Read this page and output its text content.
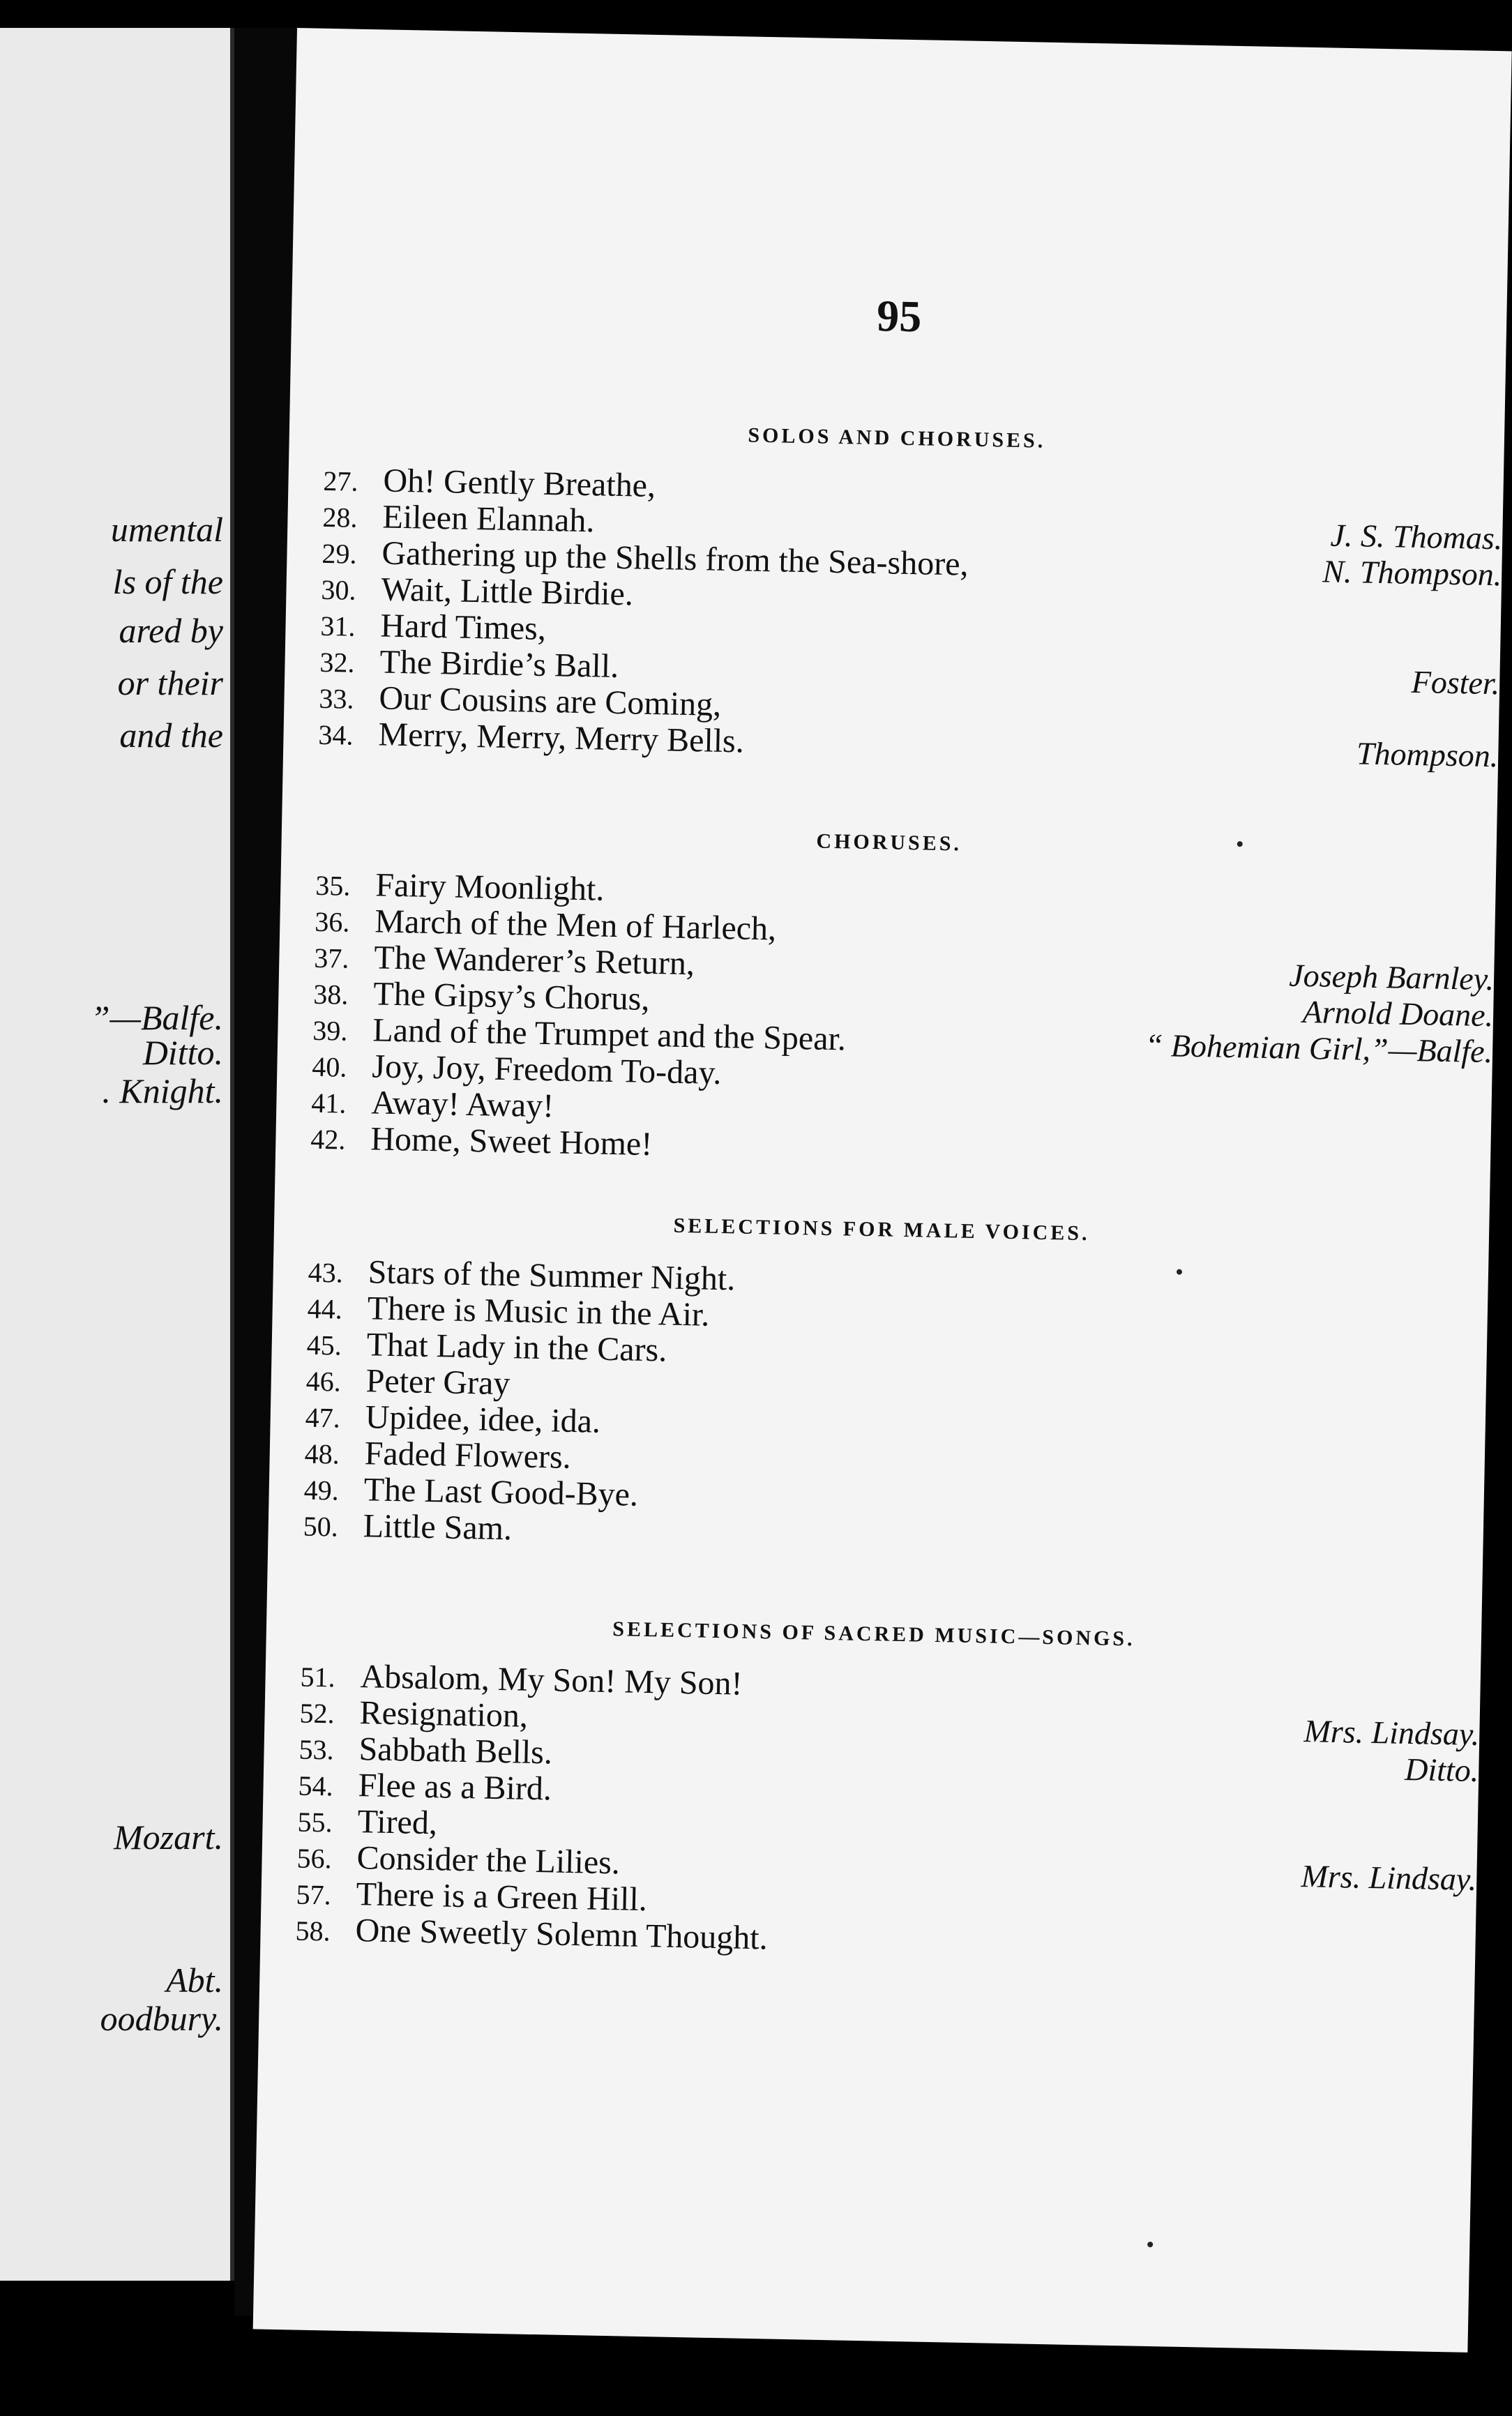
umental
ls of the
ared by
or their
and the
”—Balfe.
Ditto.
. Knight.
Mozart.
Abt.
oodbury.
95
SOLOS AND CHORUSES.
27. Oh! Gently Breathe,
28. Eileen Elannah.	J. S. Thomas.
29. Gathering up the Shells from the Sea-shore,	N. Thompson.
30. Wait, Little Birdie.
31. Hard Times,
32. The Birdie’s Ball.	Foster.
33. Our Cousins are Coming,
34. Merry, Merry, Merry Bells.	Thompson.
CHORUSES.
35. Fairy Moonlight.
36. March of the Men of Harlech,
37. The Wanderer’s Return,	Joseph Barnley.
38. The Gipsy’s Chorus,	Arnold Doane.
39. Land of the Trumpet and the Spear.	“ Bohemian Girl,”—Balfe.
40. Joy, Joy, Freedom To-day.
41. Away! Away!
42. Home, Sweet Home!
SELECTIONS FOR MALE VOICES.
43. Stars of the Summer Night.
44. There is Music in the Air.
45. That Lady in the Cars.
46. Peter Gray
47. Upidee, idee, ida.
48. Faded Flowers.
49. The Last Good-Bye.
50. Little Sam.
SELECTIONS OF SACRED MUSIC—SONGS.
51. Absalom, My Son! My Son!
52. Resignation,	Mrs. Lindsay.
53. Sabbath Bells.	Ditto.
54. Flee as a Bird.
55. Tired,
56. Consider the Lilies.	Mrs. Lindsay.
57. There is a Green Hill.
58. One Sweetly Solemn Thought.
